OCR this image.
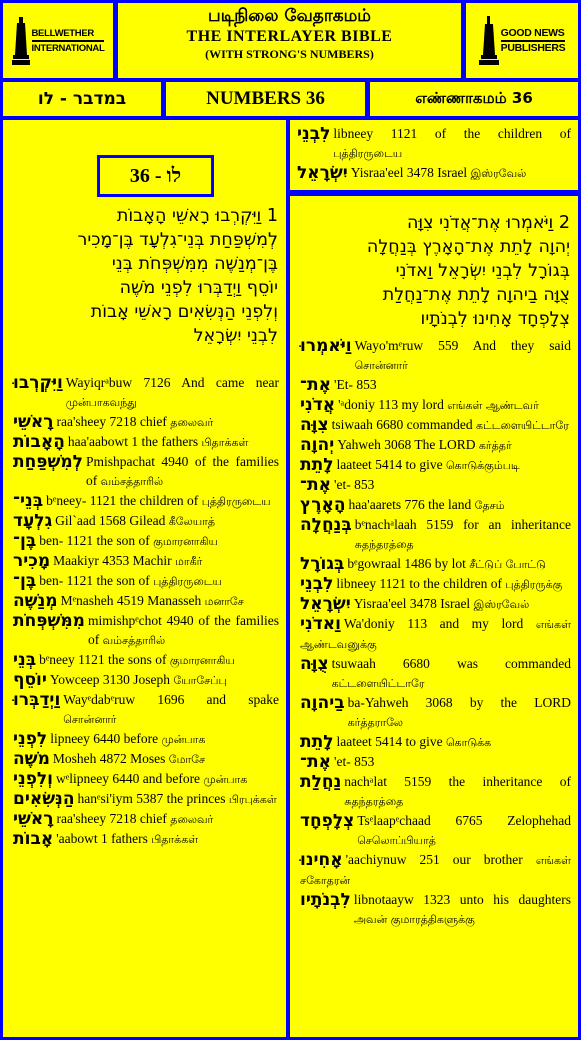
BELLWETHER
INTERNATIONAL
படிநிலை வேதாகமம்
THE INTERLAYER BIBLE
(WITH STRONG'S NUMBERS)
GOOD NEWS
PUBLISHERS
במדבר - לו	NUMBERS 36	எண்ணாகமம் 36
36 - לו
1 וַיִּקְרְבוּ רָאשֵׁי הָאָבוֹת
לְמִשְׁפַּחַת בְּנֵי־גִלְעָד בֶּן־מָכִיר
בֶּן־מְנַשֶּׁה מִמִּשְׁפְּחֹת בְּנֵי
יוֹסֵף וַיְדַבְּרוּ לִפְנֵי מֹשֶׁה
וְלִפְנֵי הַנְּשִׂאִים רָאשֵׁי אָבוֹת
לִבְנֵי יִשְׂרָאֵל
וַיִּקְרְבוּ Wayiqrᵃbuw 7126 And came near முன்பாகவந்து
רָאשֵׁי raa'sheey 7218 chief தலைவர்
הָאָבוֹת haa'aabowt 1 the fathers பிதாக்கள்
לְמִשְׁפַּחַת Pmishpachat 4940 of the families of வம்சத்தாரில்
בְּנֵי־ bᵉneey- 1121 the children of புத்திரருடைய
גִלְעָד Gil`aad 1568 Gilead கீலேயாத்
בֶּן־ ben- 1121 the son of குமாரனாகிய
מָכִיר Maakiyr 4353 Machir மாகீர்
בֶּן־ ben- 1121 the son of புத்திரருடைய
מְנַשֶּׁה Mᵉnasheh 4519 Manasseh மனாசே
מִמִּשְׁפְּחֹת mimishpᵉchot 4940 of the families of வம்சத்தாரில்
בְּנֵי bᵉneey 1121 the sons of குமாரனாகிய
יוֹסֵף Yowceep 3130 Joseph யோசேப்பு
וַיְדַבְּרוּ Wayᵉdabᵉruw 1696 and spake சொன்னார்
לִפְנֵי lipneey 6440 before முன்பாக
מֹשֶׁה Mosheh 4872 Moses மோசே
וְלִפְנֵי wᵉlipneey 6440 and before முன்பாக
הַנְּשִׂאִים hanᵉsi'iym 5387 the princes பிரபுக்கள்
רָאשֵׁי raa'sheey 7218 chief தலைவர்
אָבוֹת 'aabowt 1 fathers பிதாக்கள்
לִבְנֵי libneey 1121 of the children of புத்திரருடைய
יִשְׂרָאֵל Yisraa'eel 3478 Israel இஸ்ரவேல்
2 וַיֹּאמְרוּ אֶת־אֲדֹנִי צִוָּה
יְהוָה לָתֵת אֶת־הָאָרֶץ בְּנַחֲלָה
בְּגוֹרָל לִבְנֵי יִשְׂרָאֵל וַאדֹנִי
צֻוָּה בַיהוָה לָתֵת אֶת־נַחֲלַת
צְלָפְחָד אָחִינוּ לִבְנֹתָיו
וַיֹּאמְרוּ Wayo'mᵉruw 559 And they said சொன்னார்
אֶת־ 'Et- 853
אֲדֹנִי 'ᵃdoniy 113 my lord எங்கள் ஆண்டவர்
צִוָּה tsiwaah 6680 commanded கட்டளையிட்டாரே
יְהוָה Yahweh 3068 The LORD கர்த்தர்
לָתֵת laateet 5414 to give கொடுக்கும்படி
אֶת־ 'et- 853
הָאָרֶץ haa'aarets 776 the land தேசம்
בְּנַחֲלָה bᵉnachᵃlaah 5159 for an inheritance சுதந்தரத்தை
בְּגוֹרָל bᵉgowraal 1486 by lot சீட்டுப் போட்டு
לִבְנֵי libneey 1121 to the children of புத்திரருக்கு
יִשְׂרָאֵל Yisraa'eel 3478 Israel இஸ்ரவேல்
וַאדֹנִי Wa'doniy 113 and my lord எங்கள் ஆண்டவனுக்கு
צֻוָּה tsuwaah 6680 was commanded கட்டளையிட்டாரே
בַיהוָה ba-Yahweh 3068 by the LORD கர்த்தராலே
לָתֵת laateet 5414 to give கொடுக்க
אֶת־ 'et- 853
נַחֲלַת nachᵃlat 5159 the inheritance of சுதந்தரத்தை
צְלָפְחָד Tsᵉlaapᵉchaad 6765 Zelophehad செலொப்பியாத்
אָחִינוּ 'aachiynuw 251 our brother எங்கள் சகோதரன்
לִבְנֹתָיו libnotaayw 1323 unto his daughters அவன் குமாரத்திகளுக்கு
